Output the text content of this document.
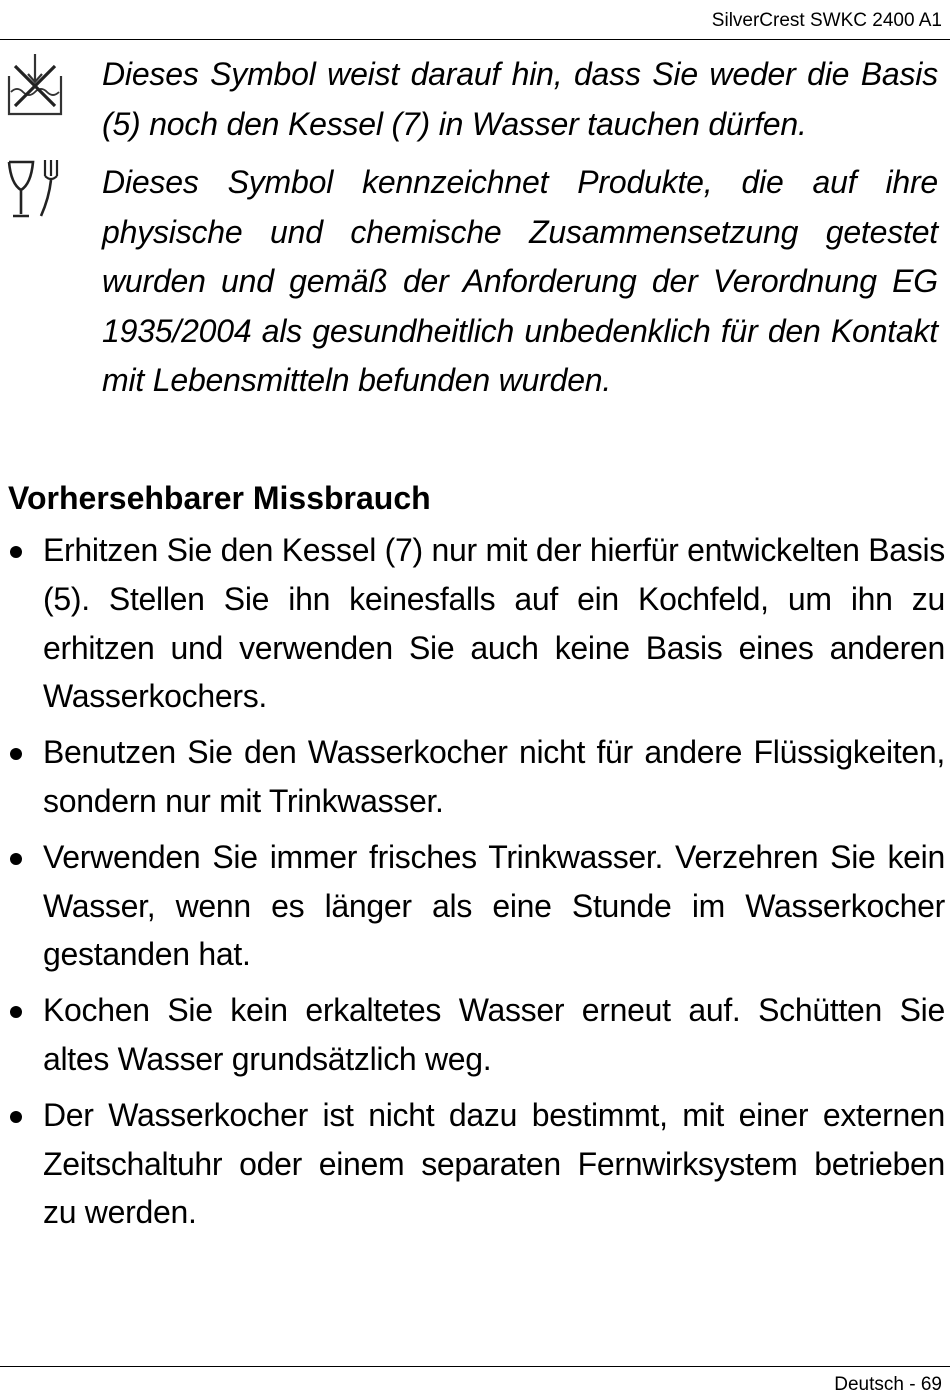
SilverCrest SWKC 2400 A1
Dieses Symbol weist darauf hin, dass Sie weder die Basis (5) noch den Kessel (7) in Wasser tauchen dürfen.
Dieses Symbol kennzeichnet Produkte, die auf ihre physische und chemische Zusammensetzung getestet wurden und gemäß der Anforderung der Verordnung EG 1935/2004 als gesundheitlich unbedenklich für den Kontakt mit Lebensmitteln befunden wurden.
Vorhersehbarer Missbrauch
Erhitzen Sie den Kessel (7) nur mit der hierfür entwickelten Basis (5). Stellen Sie ihn keinesfalls auf ein Kochfeld, um ihn zu erhitzen und verwenden Sie auch keine Basis eines anderen Wasserkochers.
Benutzen Sie den Wasserkocher nicht für andere Flüssigkeiten, sondern nur mit Trinkwasser.
Verwenden Sie immer frisches Trinkwasser. Verzehren Sie kein Wasser, wenn es länger als eine Stunde im Wasserkocher gestanden hat.
Kochen Sie kein erkaltetes Wasser erneut auf. Schütten Sie altes Wasser grundsätzlich weg.
Der Wasserkocher ist nicht dazu bestimmt, mit einer externen Zeitschaltuhr oder einem separaten Fernwirksystem betrieben zu werden.
Deutsch - 69
